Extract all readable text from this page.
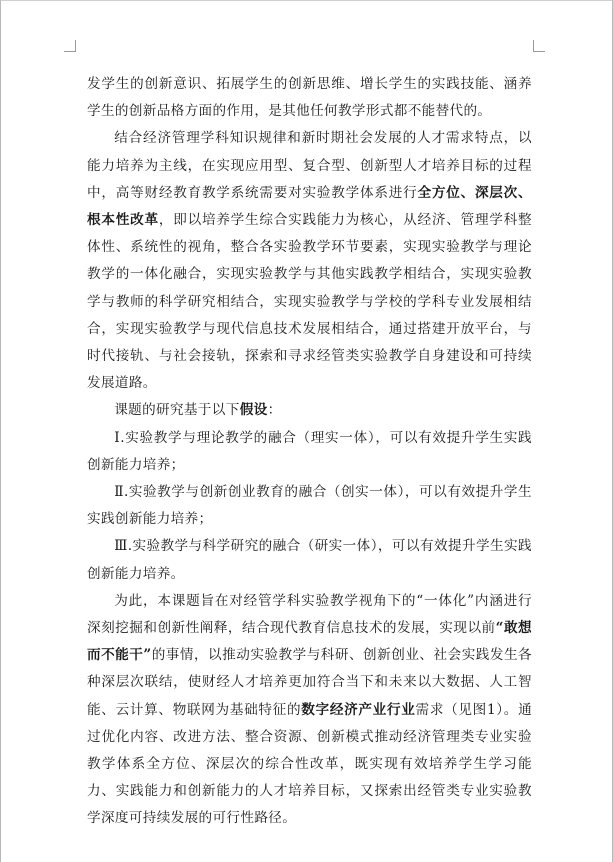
发学生的创新意识、拓展学生的创新思维、增长学生的实践技能、涵养学生的创新品格方面的作用，是其他任何教学形式都不能替代的。

结合经济管理学科知识规律和新时期社会发展的人才需求特点，以能力培养为主线，在实现应用型、复合型、创新型人才培养目标的过程中，高等财经教育教学系统需要对实验教学体系进行全方位、深层次、根本性改革，即以培养学生综合实践能力为核心，从经济、管理学科整体性、系统性的视角，整合各实验教学环节要素，实现实验教学与理论教学的一体化融合，实现实验教学与其他实践教学相结合，实现实验教学与教师的科学研究相结合，实现实验教学与学校的学科专业发展相结合，实现实验教学与现代信息技术发展相结合，通过搭建开放平台，与时代接轨、与社会接轨，探索和寻求经管类实验教学自身建设和可持续发展道路。

课题的研究基于以下假设：

Ⅰ.实验教学与理论教学的融合（理实一体），可以有效提升学生实践创新能力培养；

Ⅱ.实验教学与创新创业教育的融合（创实一体），可以有效提升学生实践创新能力培养；

Ⅲ.实验教学与科学研究的融合（研实一体），可以有效提升学生实践创新能力培养。

为此，本课题旨在对经管学科实验教学视角下的“一体化”内涵进行深刻挖掘和创新性阐释，结合现代教育信息技术的发展，实现以前“敢想而不能干”的事情，以推动实验教学与科研、创新创业、社会实践发生各种深层次联结，使财经人才培养更加符合当下和未来以大数据、人工智能、云计算、物联网为基础特征的数字经济产业行业需求（见图1）。通过优化内容、改进方法、整合资源、创新模式推动经济管理类专业实验教学体系全方位、深层次的综合性改革，既实现有效培养学生学习能力、实践能力和创新能力的人才培养目标，又探索出经管类专业实验教学深度可持续发展的可行性路径。
